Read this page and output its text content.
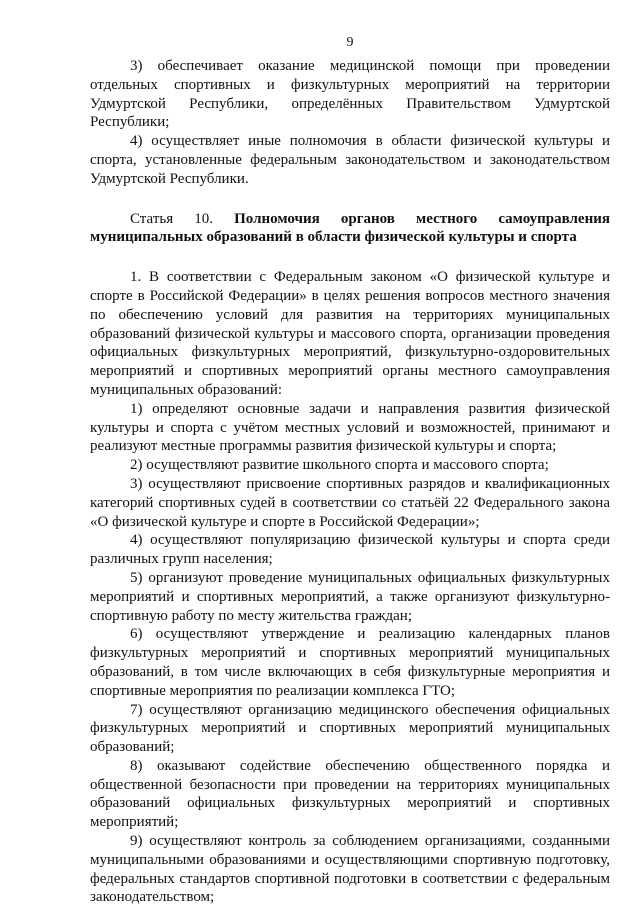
9

3) обеспечивает оказание медицинской помощи при проведении отдельных спортивных и физкультурных мероприятий на территории Удмуртской Республики, определённых Правительством Удмуртской Республики;

4) осуществляет иные полномочия в области физической культуры и спорта, установленные федеральным законодательством и законодательством Удмуртской Республики.

Статья 10. Полномочия органов местного самоуправления муниципальных образований в области физической культуры и спорта

1. В соответствии с Федеральным законом «О физической культуре и спорте в Российской Федерации» в целях решения вопросов местного значения по обеспечению условий для развития на территориях муниципальных образований физической культуры и массового спорта, организации проведения официальных физкультурных мероприятий, физкультурно-оздоровительных мероприятий и спортивных мероприятий органы местного самоуправления муниципальных образований:

1) определяют основные задачи и направления развития физической культуры и спорта с учётом местных условий и возможностей, принимают и реализуют местные программы развития физической культуры и спорта;

2) осуществляют развитие школьного спорта и массового спорта;

3) осуществляют присвоение спортивных разрядов и квалификационных категорий спортивных судей в соответствии со статьёй 22 Федерального закона «О физической культуре и спорте в Российской Федерации»;

4) осуществляют популяризацию физической культуры и спорта среди различных групп населения;

5) организуют проведение муниципальных официальных физкультурных мероприятий и спортивных мероприятий, а также организуют физкультурно-спортивную работу по месту жительства граждан;

6) осуществляют утверждение и реализацию календарных планов физкультурных мероприятий и спортивных мероприятий муниципальных образований, в том числе включающих в себя физкультурные мероприятия и спортивные мероприятия по реализации комплекса ГТО;

7) осуществляют организацию медицинского обеспечения официальных физкультурных мероприятий и спортивных мероприятий муниципальных образований;

8) оказывают содействие обеспечению общественного порядка и общественной безопасности при проведении на территориях муниципальных образований официальных физкультурных мероприятий и спортивных мероприятий;

9) осуществляют контроль за соблюдением организациями, созданными муниципальными образованиями и осуществляющими спортивную подготовку, федеральных стандартов спортивной подготовки в соответствии с федеральным законодательством;
